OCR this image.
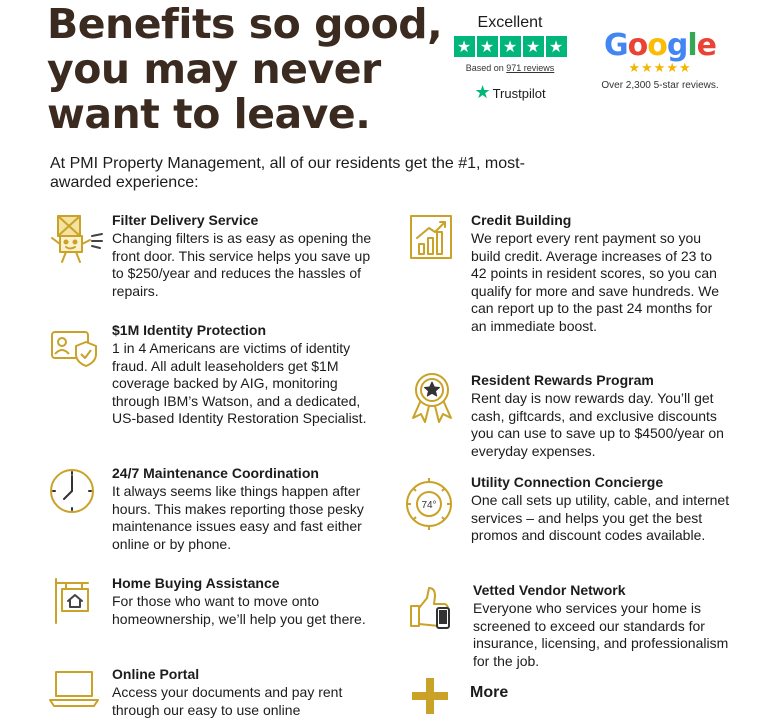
Benefits so good,
you may never
want to leave.
Excellent
★ ★ ★ ★ ★
Based on 971 reviews
★ Trustpilot
Google
★★★★★
Over 2,300 5-star reviews.
At PMI Property Management, all of our residents get the #1, most-awarded experience:
Filter Delivery Service
Changing filters is as easy as opening the front door. This service helps you save up to $250/year and reduces the hassles of repairs.
$1M Identity Protection
1 in 4 Americans are victims of identity fraud. All adult leaseholders get $1M coverage backed by AIG, monitoring through IBM’s Watson, and a dedicated, US-based Identity Restoration Specialist.
24/7 Maintenance Coordination
It always seems like things happen after hours. This makes reporting those pesky maintenance issues easy and fast either online or by phone.
Home Buying Assistance
For those who want to move onto homeownership, we’ll help you get there.
Online Portal
Access your documents and pay rent through our easy to use online
Credit Building
We report every rent payment so you build credit. Average increases of 23 to 42 points in resident scores, so you can qualify for more and save hundreds. We can report up to the past 24 months for an immediate boost.
Resident Rewards Program
Rent day is now rewards day. You’ll get cash, giftcards, and exclusive discounts you can use to save up to $4500/year on everyday expenses.
74°
Utility Connection Concierge
One call sets up utility, cable, and internet services – and helps you get the best promos and discount codes available.
Vetted Vendor Network
Everyone who services your home is screened to exceed our standards for insurance, licensing, and professionalism for the job.
More
